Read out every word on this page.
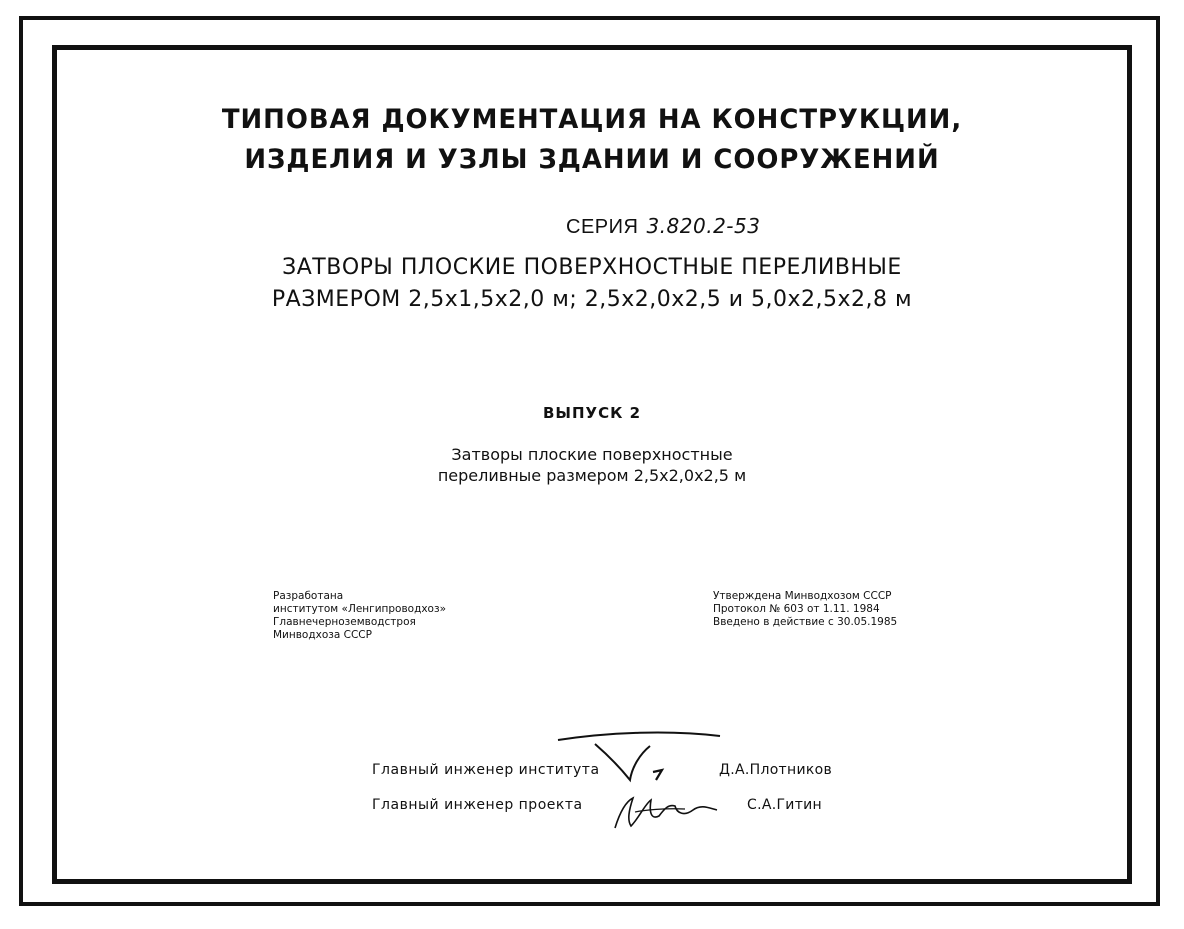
ТИПОВАЯ ДОКУМЕНТАЦИЯ НА КОНСТРУКЦИИ,
ИЗДЕЛИЯ И УЗЛЫ ЗДАНИИ И СООРУЖЕНИЙ
СЕРИЯ 3.820.2-53
ЗАТВОРЫ ПЛОСКИЕ ПОВЕРХНОСТНЫЕ ПЕРЕЛИВНЫЕ
РАЗМЕРОМ 2,5x1,5x2,0 м; 2,5x2,0x2,5 и 5,0x2,5x2,8 м
ВЫПУСК 2
Затворы плоские поверхностные
переливные размером 2,5x2,0x2,5 м
Разработана
институтом «Ленгипроводхоз»
Главнечерноземводстроя
Минводхоза СССР
Утверждена Минводхозом СССР
Протокол № 603 от 1.11. 1984
Введено в действие с 30.05.1985
Главный инженер института	Д.А.Плотников
Главный инженер проекта	С.А.Гитин
